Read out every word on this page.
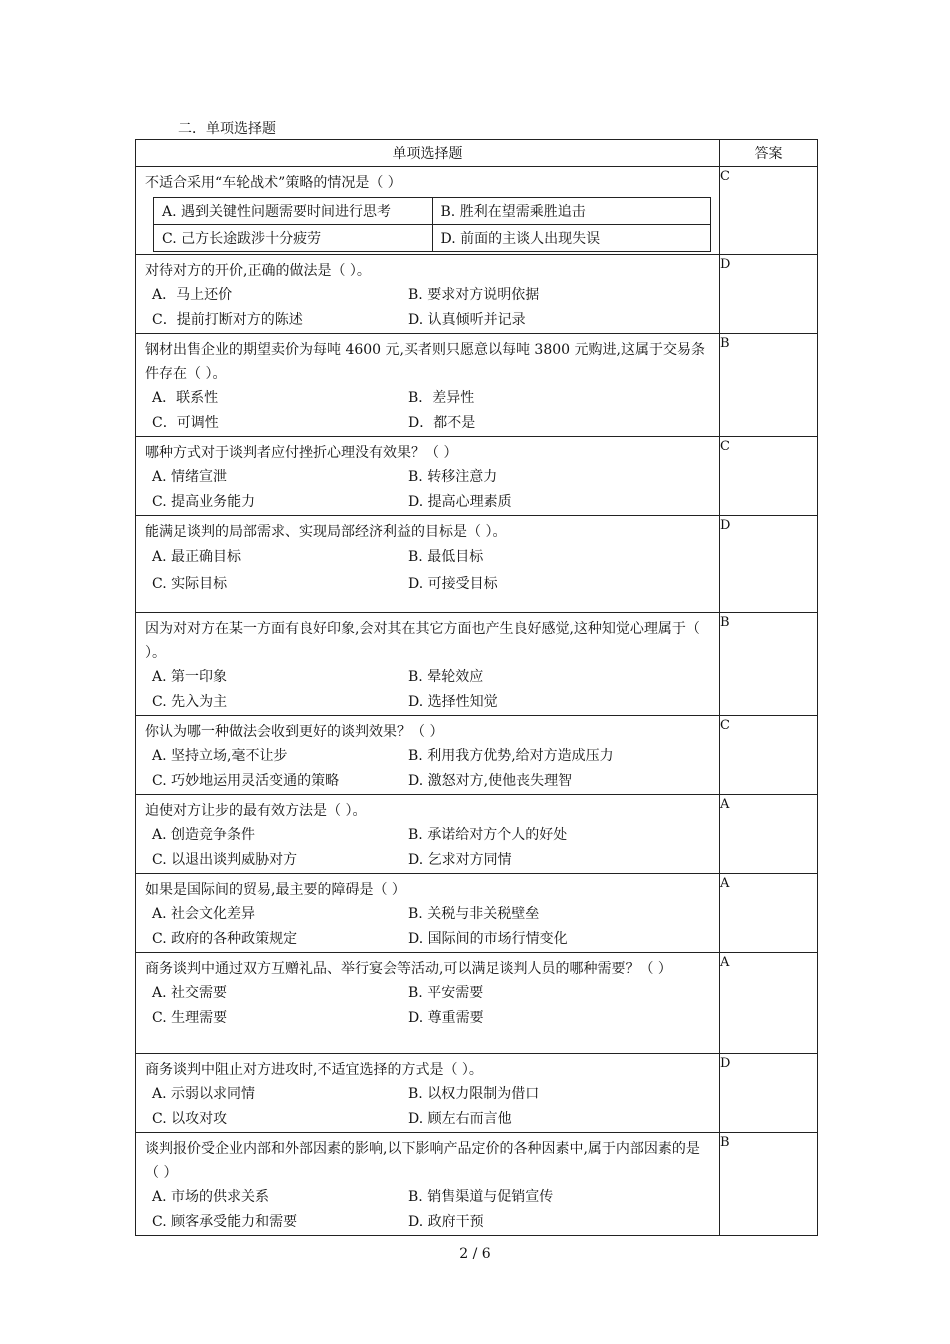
二．单项选择题
单项选择题	答案

不适合采用“车轮战术”策略的情况是（ ）
A. 遇到关键性问题需要时间进行思考	B. 胜利在望需乘胜追击
C. 己方长途跋涉十分疲劳	D. 前面的主谈人出现失误
	C

对待对方的开价,正确的做法是（ ）。
A．马上还价	B. 要求对方说明依据
C．提前打断对方的陈述	D. 认真倾听并记录
	D

钢材出售企业的期望卖价为每吨 4600 元,买者则只愿意以每吨 3800 元购进,这属于交易条件存在（ ）。
A．联系性	B．差异性
C．可调性	D．都不是
	B

哪种方式对于谈判者应付挫折心理没有效果？（ ）
A. 情绪宣泄	B. 转移注意力
C. 提高业务能力	D. 提高心理素质
	C

能满足谈判的局部需求、实现局部经济利益的目标是（ ）。
A. 最正确目标	B. 最低目标
C. 实际目标	D. 可接受目标
	D

因为对对方在某一方面有良好印象,会对其在其它方面也产生良好感觉,这种知觉心理属于（ ）。
A. 第一印象	B. 晕轮效应
C. 先入为主	D. 选择性知觉
	B

你认为哪一种做法会收到更好的谈判效果？（ ）
A. 坚持立场,毫不让步	B. 利用我方优势,给对方造成压力
C. 巧妙地运用灵活变通的策略	D. 激怒对方,使他丧失理智
	C

迫使对方让步的最有效方法是（ ）。
A. 创造竞争条件	B. 承诺给对方个人的好处
C. 以退出谈判威胁对方	D. 乞求对方同情
	A

如果是国际间的贸易,最主要的障碍是（ ）
A. 社会文化差异	B. 关税与非关税壁垒
C. 政府的各种政策规定	D. 国际间的市场行情变化
	A

商务谈判中通过双方互赠礼品、举行宴会等活动,可以满足谈判人员的哪种需要？（ ）
A. 社交需要	B. 平安需要
C. 生理需要	D. 尊重需要
	A

商务谈判中阻止对方进攻时,不适宜选择的方式是（ ）。
A. 示弱以求同情	B. 以权力限制为借口
C. 以攻对攻	D. 顾左右而言他
	D

谈判报价受企业内部和外部因素的影响,以下影响产品定价的各种因素中,属于内部因素的是（ ）
A. 市场的供求关系	B. 销售渠道与促销宣传
C. 顾客承受能力和需要	D. 政府干预
	B
2 / 6
